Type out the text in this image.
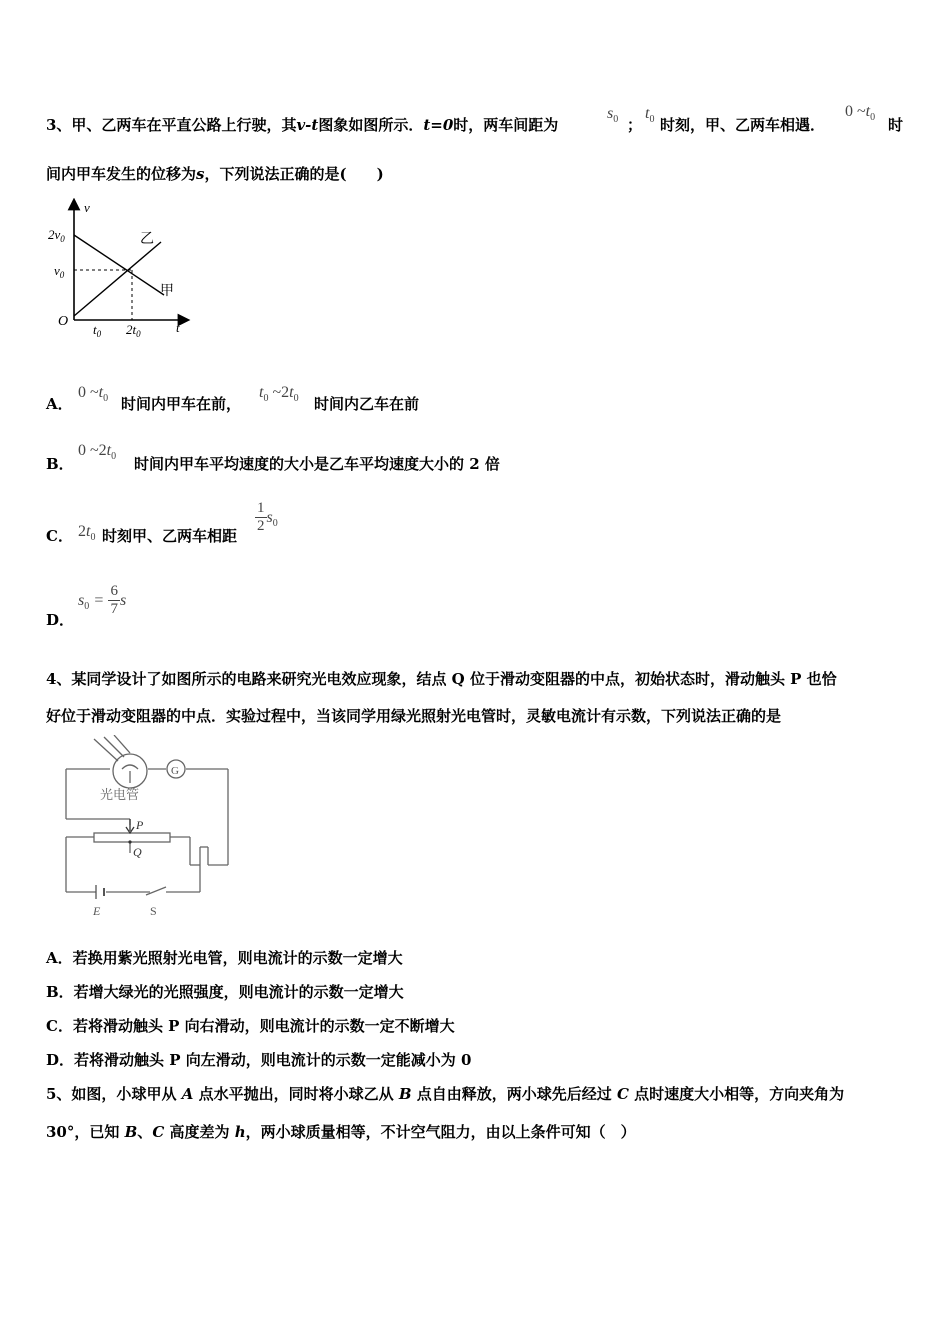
3、甲、乙两车在平直公路上行驶，其v-t图象如图所示．t=0时，两车间距为
$s_0$ ；
$t_0$ 时刻，甲、乙两车相遇．
0 $\sim t_0$ 时
间内甲车发生的位移为s，下列说法正确的是(　　)
v
t
O
$2v_0$
$v_0$
$t_0$ $2t_0$
乙
甲
A．
0 $\sim t_0$ 时间内甲车在前，
$t_0$ $\sim 2t_0$ 时间内乙车在前
B．
0 $\sim 2t_0$ 时间内甲车平均速度的大小是乙车平均速度大小的 2 倍
C． $2t_0$ 时刻甲、乙两车相距
$\frac{1}{2} s_0$
D．
$s_0 = \frac{6}{7}$ s
4、某同学设计了如图所示的电路来研究光电效应现象，结点 Q 位于滑动变阻器的中点，初始状态时，滑动触头 P 也恰
好位于滑动变阻器的中点．实验过程中，当该同学用绿光照射光电管时，灵敏电流计有示数，下列说法正确的是
光电管
G
P
Q
E	S
A．若换用紫光照射光电管，则电流计的示数一定增大
B．若增大绿光的光照强度，则电流计的示数一定增大
C．若将滑动触头 P 向右滑动，则电流计的示数一定不断增大
D．若将滑动触头 P 向左滑动，则电流计的示数一定能减小为 0
5、如图，小球甲从 A 点水平抛出，同时将小球乙从 B 点自由释放，两小球先后经过 C 点时速度大小相等，方向夹角为
30°，已知 B、C 高度差为 h，两小球质量相等，不计空气阻力，由以上条件可知（　）
